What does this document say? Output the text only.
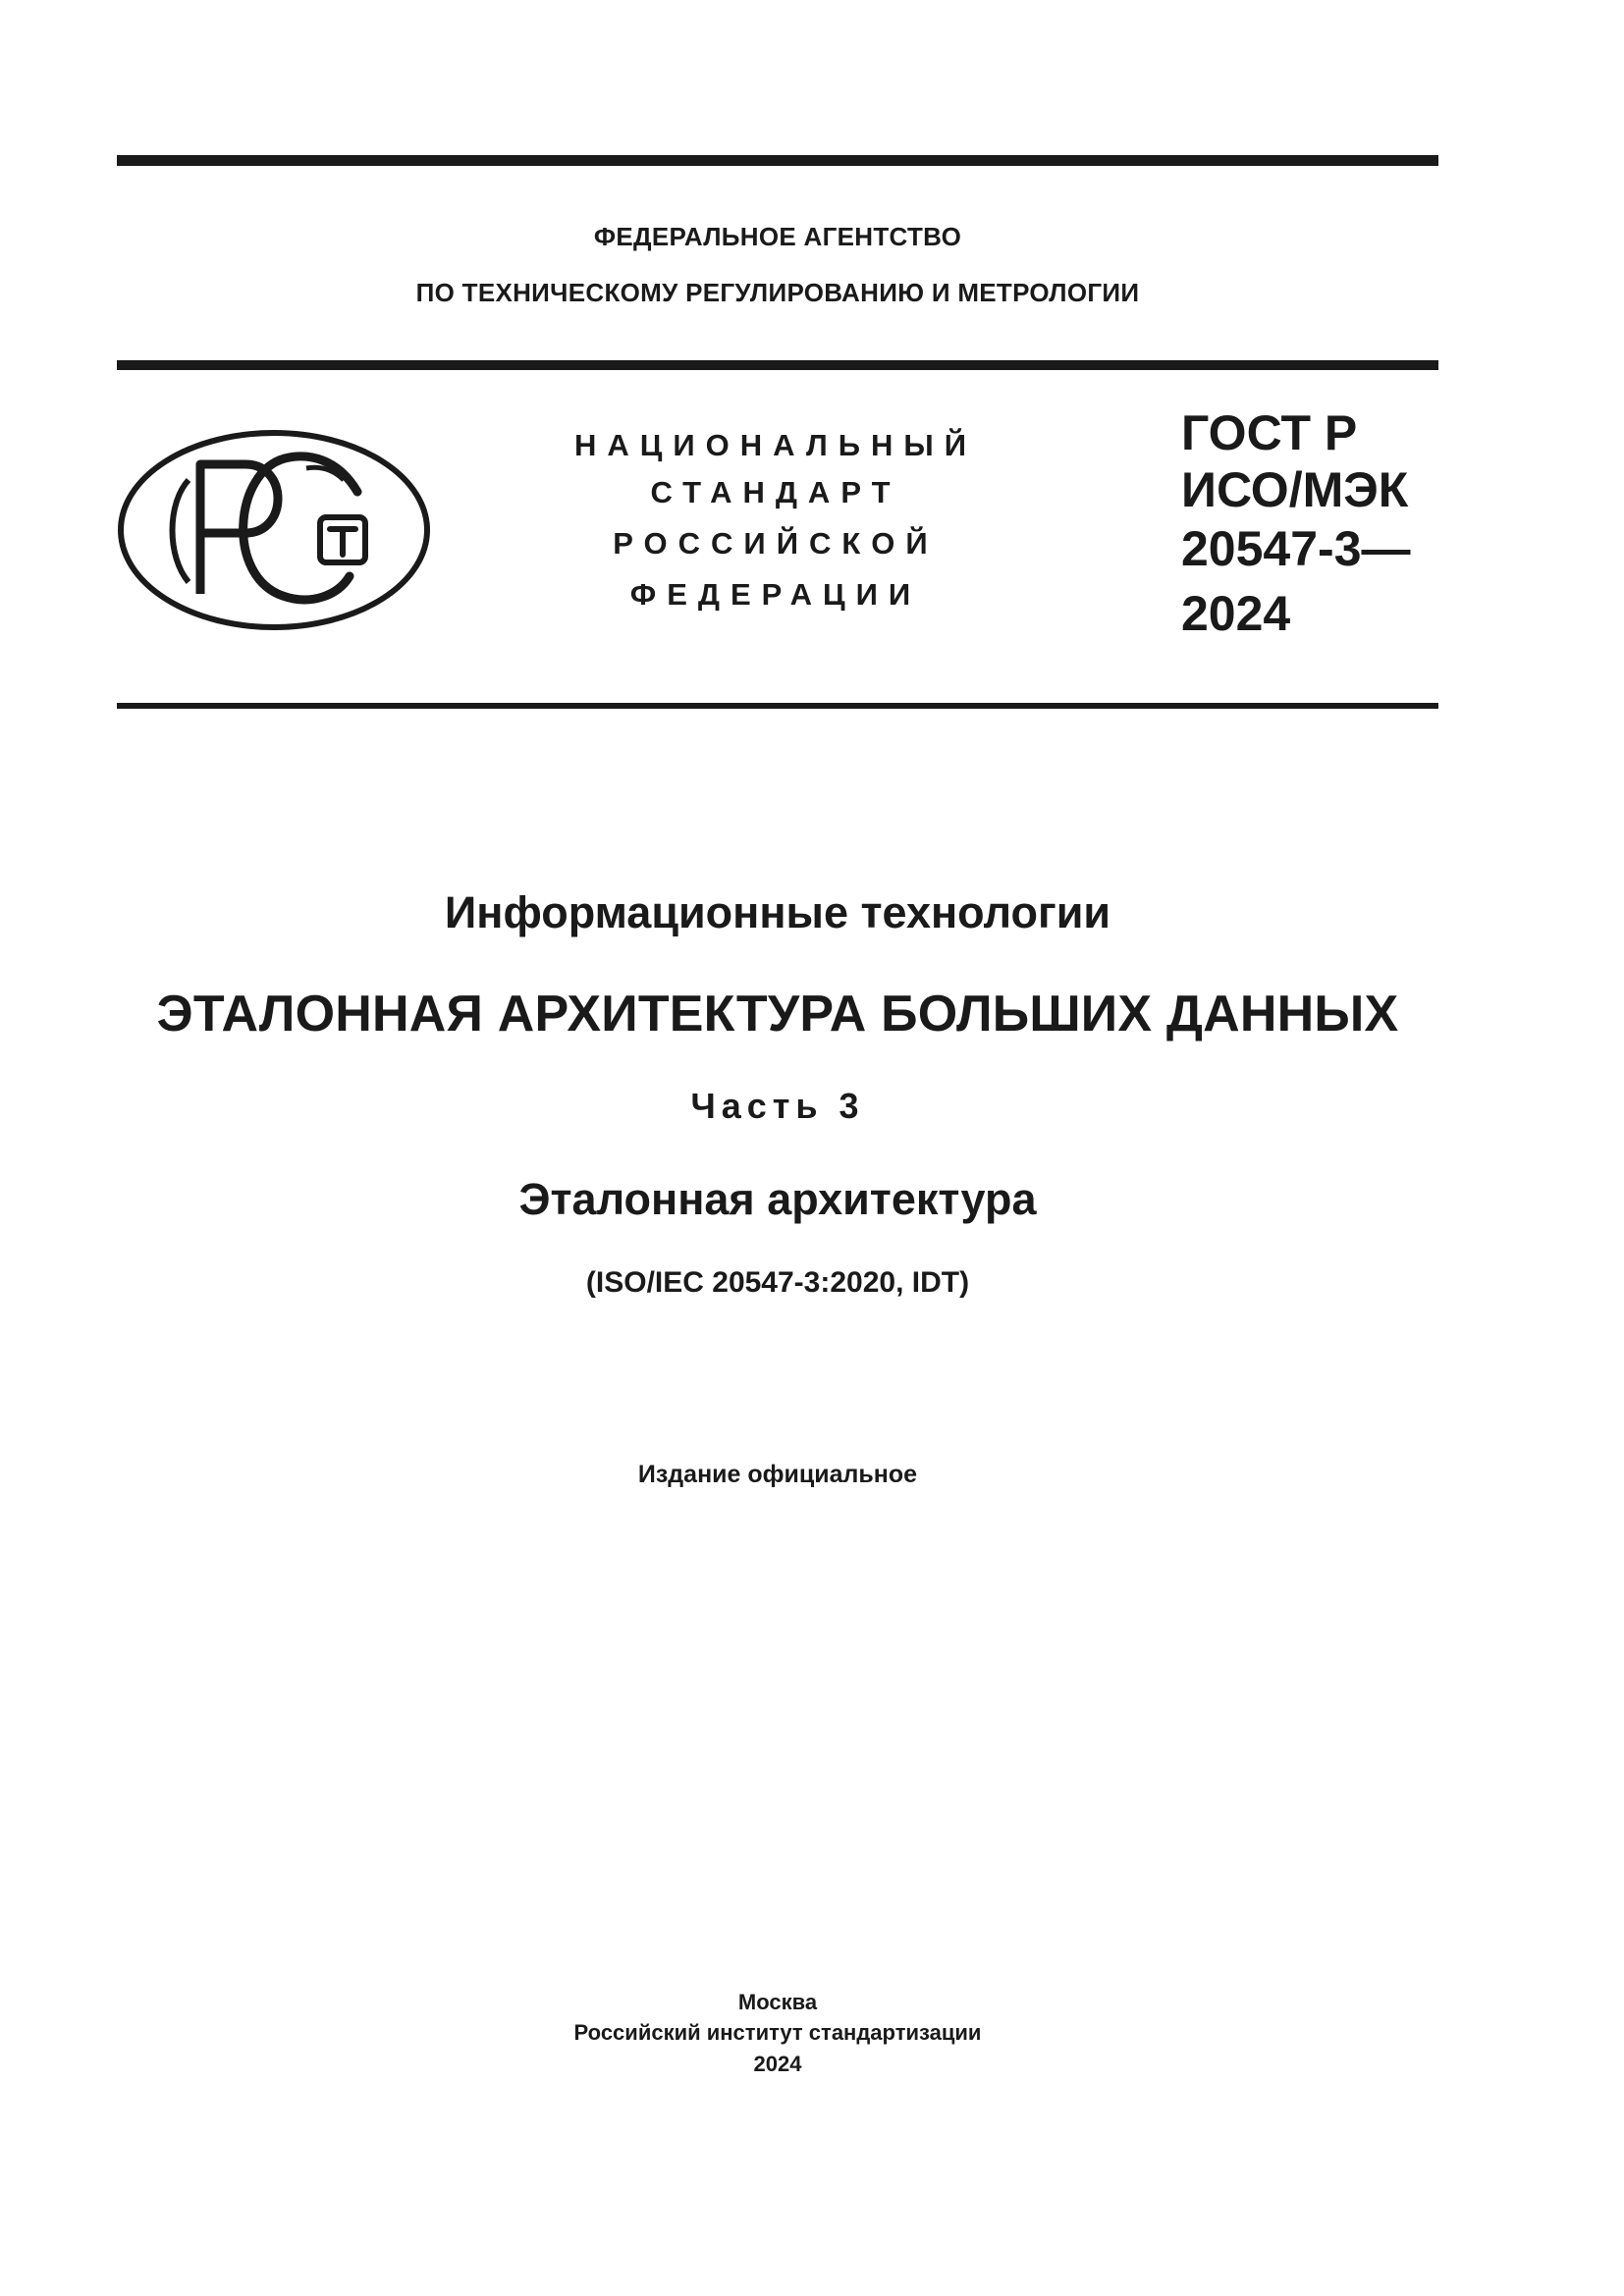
ФЕДЕРАЛЬНОЕ АГЕНТСТВО
ПО ТЕХНИЧЕСКОМУ РЕГУЛИРОВАНИЮ И МЕТРОЛОГИИ
НАЦИОНАЛЬНЫЙ
СТАНДАРТ
РОССИЙСКОЙ
ФЕДЕРАЦИИ
ГОСТ Р
ИСО/МЭК
20547-3—
2024
Информационные технологии
ЭТАЛОННАЯ АРХИТЕКТУРА БОЛЬШИХ ДАННЫХ
Часть 3
Эталонная архитектура
(ISO/IEC 20547-3:2020, IDT)
Издание официальное
Москва
Российский институт стандартизации
2024
